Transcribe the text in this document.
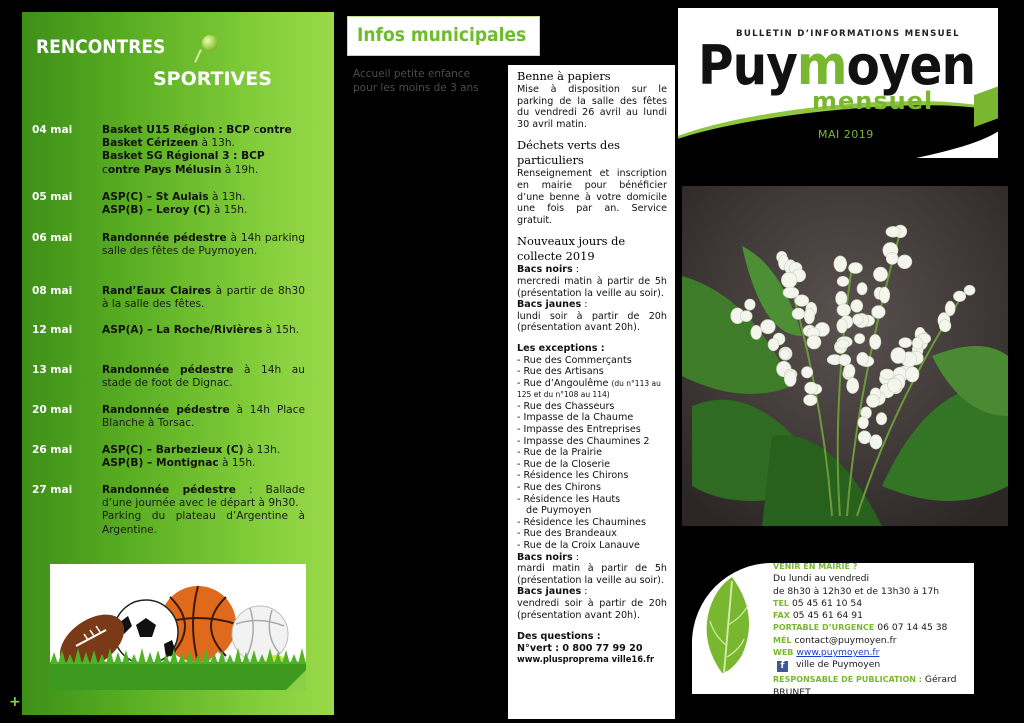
RENCONTRES
SPORTIVES
04 mai	Basket U15 Région : BCP contre
Basket Cérizeen à 13h.
Basket SG Régional 3 : BCP
contre Pays Mélusin à 19h.
05 mai	ASP(C) – St Aulais à 13h.
ASP(B) – Leroy (C) à 15h.
06 mai	Randonnée pédestre à 14h parking salle des fêtes de Puymoyen.
08 mai	Rand’Eaux Claires à partir de 8h30 à la salle des fêtes.
12 mai	ASP(A) – La Roche/Rivières à 15h.
13 mai	Randonnée pédestre à 14h au stade de foot de Dignac.
20 mai	Randonnée pédestre à 14h Place Blanche à Torsac.
26 mai	ASP(C) – Barbezieux (C) à 13h.
ASP(B) – Montignac à 15h.
27 mai	Randonnée pédestre : Ballade d’une journée avec le départ à 9h30.
Parking du plateau d’Argentine à Argentine.
+
Infos municipales
Accueil petite enfance
pour les moins de 3 ans
Benne à papiers
Mise à disposition sur le parking de la salle des fêtes du vendredi 26 avril au lundi 30 avril matin.
Déchets verts des particuliers
Renseignement et inscription en mairie pour bénéficier d’une benne à votre domicile une fois par an. Service gratuit.
Nouveaux jours de collecte 2019
Bacs noirs :
mercredi matin à partir de 5h (présentation la veille au soir).
Bacs jaunes :
lundi soir à partir de 20h (présentation avant 20h).
Les exceptions :
- Rue des Commerçants
- Rue des Artisans
- Rue d’Angoulême (du n°113 au 125 et du n°108 au 114)
- Rue des Chasseurs
- Impasse de la Chaume
- Impasse des Entreprises
- Impasse des Chaumines 2
- Rue de la Prairie
- Rue de la Closerie
- Résidence les Chirons
- Rue des Chirons
- Résidence les Hauts
de Puymoyen
- Résidence les Chaumines
- Rue des Brandeaux
- Rue de la Croix Lanauve
Bacs noirs :
mardi matin à partir de 5h (présentation la veille au soir).
Bacs jaunes :
vendredi soir à partir de 20h (présentation avant 20h).
Des questions :
N°vert : 0 800 77 99 20
www.plusproprema ville16.fr
BULLETIN D’INFORMATIONS MENSUEL
Puymoyen
mensuel
MAI 2019
VENIR EN MAIRIE ?
Du lundi au vendredi
de 8h30 à 12h30 et de 13h30 à 17h
TEL 05 45 61 10 54
FAX 05 45 61 64 91
PORTABLE D’URGENCE 06 07 14 45 38
MÉL contact@puymoyen.fr
WEB www.puymoyen.fr
f ville de Puymoyen
RESPONSABLE DE PUBLICATION : Gérard BRUNET
